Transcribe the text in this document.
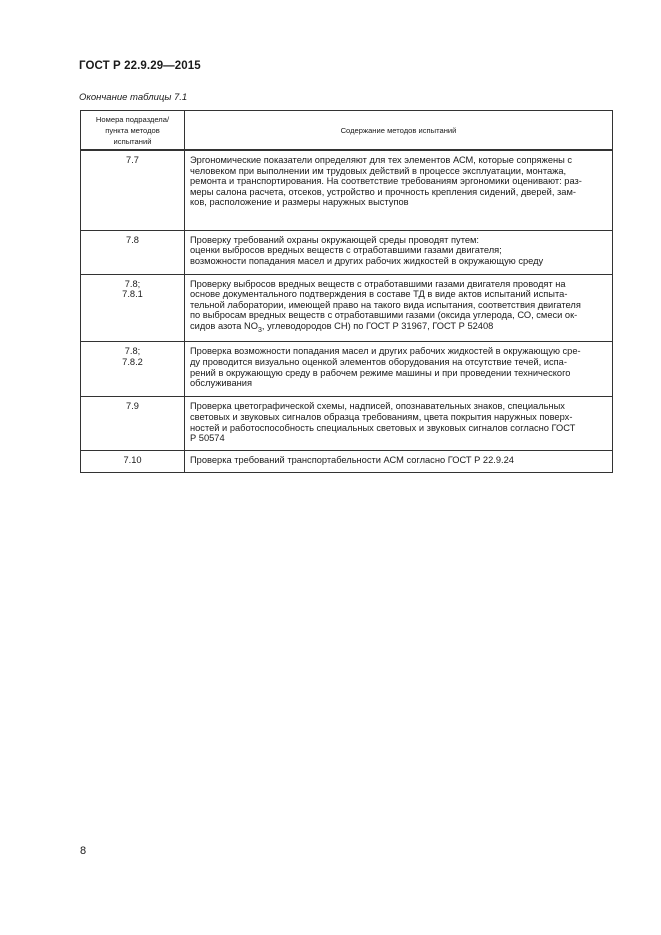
ГОСТ Р 22.9.29—2015
Окончание таблицы 7.1
Номера подраздела/
пункта методов
испытаний	Содержание методов испытаний

7.7	Эргономические показатели определяют для тех элементов АСМ, которые сопряжены с
человеком при выполнении им трудовых действий в процессе эксплуатации, монтажа,
ремонта и транспортирования. На соответствие требованиям эргономики оценивают: раз-
меры салона расчета, отсеков, устройство и прочность крепления сидений, дверей, зам-
ков, расположение и размеры наружных выступов

7.8	Проверку требований охраны окружающей среды проводят путем:
оценки выбросов вредных веществ с отработавшими газами двигателя;
возможности попадания масел и других рабочих жидкостей в окружающую среду

7.8;
7.8.1	Проверку выбросов вредных веществ с отработавшими газами двигателя проводят на
основе документального подтверждения в составе ТД в виде актов испытаний испыта-
тельной лаборатории, имеющей право на такого вида испытания, соответствия двигателя
по выбросам вредных веществ с отработавшими газами (оксида углерода, СО, смеси ок-
сидов азота $NO_3$, углеводородов СН) по ГОСТ Р 31967, ГОСТ Р 52408

7.8;
7.8.2	Проверка возможности попадания масел и других рабочих жидкостей в окружающую сре-
ду проводится визуально оценкой элементов оборудования на отсутствие течей, испа-
рений в окружающую среду в рабочем режиме машины и при проведении технического
обслуживания

7.9	Проверка цветографической схемы, надписей, опознавательных знаков, специальных
световых и звуковых сигналов образца требованиям, цвета покрытия наружных поверх-
ностей и работоспособность специальных световых и звуковых сигналов согласно ГОСТ
Р 50574

7.10	Проверка требований транспортабельности АСМ согласно ГОСТ Р 22.9.24
8
